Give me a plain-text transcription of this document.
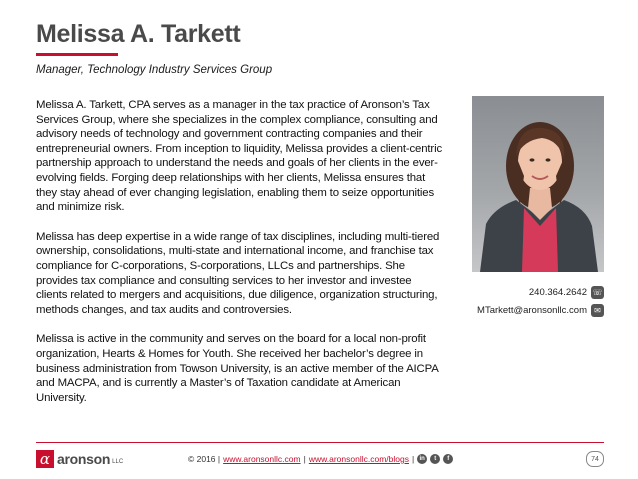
Melissa A. Tarkett
Manager, Technology Industry Services Group

Melissa A. Tarkett, CPA serves as a manager in the tax practice of Aronson’s Tax Services Group, where she specializes in the complex compliance, consulting and advisory needs of technology and government contracting companies and their entrepreneurial owners. From inception to liquidity, Melissa provides a client-centric partnership approach to understand the needs and goals of her clients in the ever-evolving fields. Forging deep relationships with her clients, Melissa ensures that they stay ahead of ever changing legislation, enabling them to seize opportunities and minimize risk.

Melissa has deep expertise in a wide range of tax disciplines, including multi-tiered ownership, consolidations, multi-state and international income, and franchise tax compliance for C-corporations, S-corporations, LLCs and partnerships. She provides tax compliance and consulting services to her investor and investee clients related to mergers and acquisitions, due diligence, organization structuring, methods changes, and tax audits and controversies.

Melissa is active in the community and serves on the board for a local non-profit organization, Hearts & Homes for Youth. She received her bachelor’s degree in business administration from Towson University, is an active member of the AICPA and MACPA, and is currently a Master’s of Taxation candidate at American University.

240.364.2642 ☏
MTarkett@aronsonllc.com ✉
α aronson LLC	© 2016 | www.aronsonllc.com | www.aronsonllc.com/blogs | in	t	f	74
